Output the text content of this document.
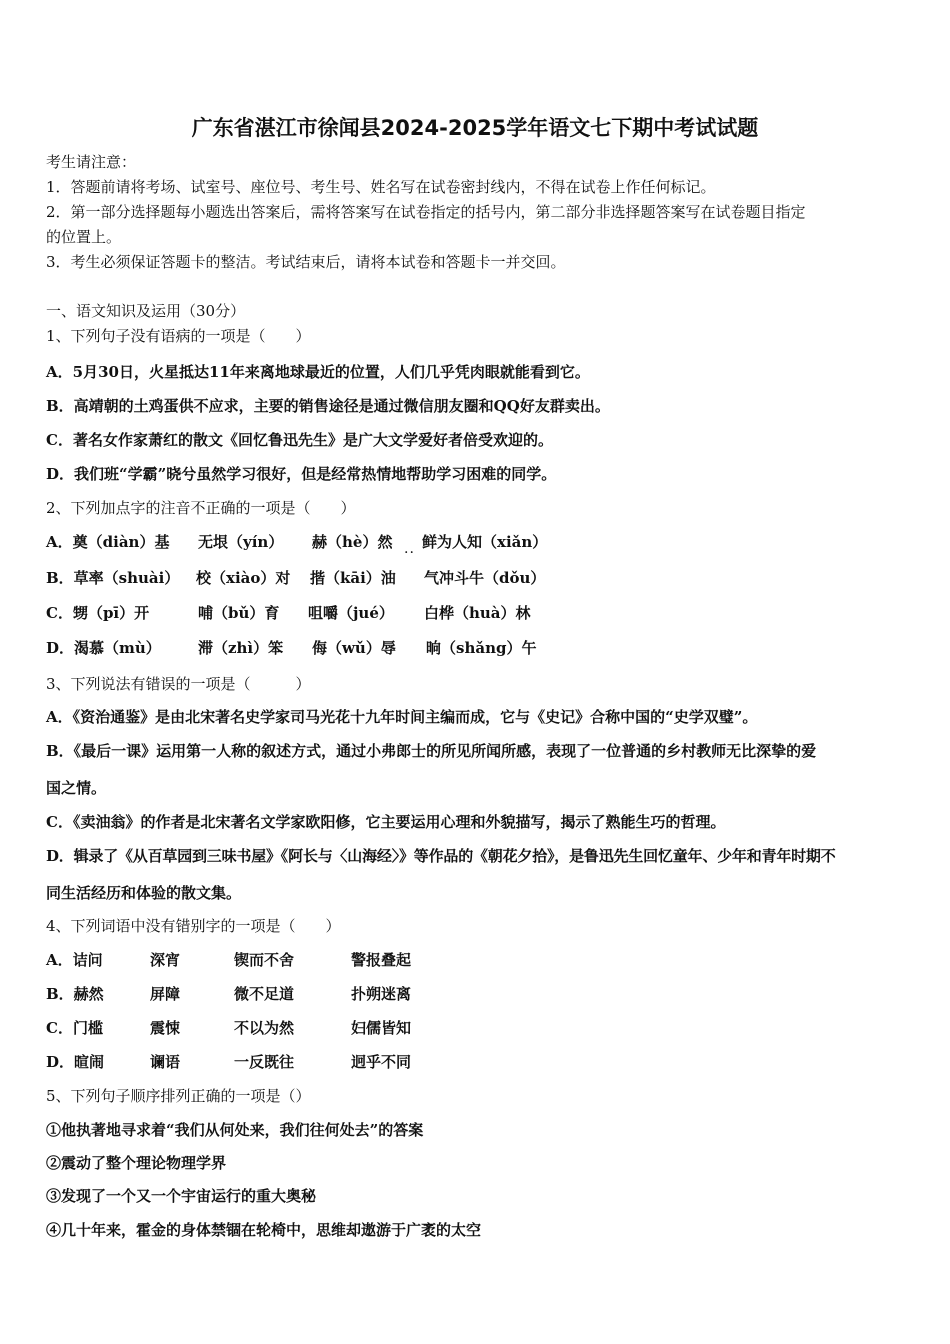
广东省湛江市徐闻县2024-2025学年语文七下期中考试试题
考生请注意：
1．答题前请将考场、试室号、座位号、考生号、姓名写在试卷密封线内，不得在试卷上作任何标记。
2．第一部分选择题每小题选出答案后，需将答案写在试卷指定的括号内，第二部分非选择题答案写在试卷题目指定
的位置上。
3．考生必须保证答题卡的整洁。考试结束后，请将本试卷和答题卡一并交回。
一、语文知识及运用（30分）
1、下列句子没有语病的一项是（　　）
A．5月30日，火星抵达11年来离地球最近的位置，人们几乎凭肉眼就能看到它。
B．高靖朝的土鸡蛋供不应求，主要的销售途径是通过微信朋友圈和QQ好友群卖出。
C．著名女作家萧红的散文《回忆鲁迅先生》是广大文学爱好者倍受欢迎的。
D．我们班“学霸”晓兮虽然学习很好，但是经常热情地帮助学习困难的同学。
2、下列加点字的注音不正确的一项是（　　）
A．奠（diàn）基 无垠（yín） 赫（hè）然 鲜为人知（xiǎn）
..
B．草率（shuài） 校（xiào）对 揩（kāi）油 气冲斗牛（dǒu）
C．甥（pī）开	哺（bǔ）育 咀嚼（jué） 白桦（huà）林
D．渴慕（mù） 滞（zhì）笨 侮（wǔ）辱 晌（shǎng）午
3、下列说法有错误的一项是（　　　）
A．《资治通鉴》是由北宋著名史学家司马光花十九年时间主编而成，它与《史记》合称中国的“史学双璧”。
B．《最后一课》运用第一人称的叙述方式，通过小弗郎士的所见所闻所感，表现了一位普通的乡村教师无比深挚的爱
国之情。
C．《卖油翁》的作者是北宋著名文学家欧阳修，它主要运用心理和外貌描写，揭示了熟能生巧的哲理。
D．辑录了《从百草园到三味书屋》《阿长与〈山海经〉》等作品的《朝花夕拾》，是鲁迅先生回忆童年、少年和青年时期不
同生活经历和体验的散文集。
4、下列词语中没有错别字的一项是（　　）
A．诘问	深宵	锲而不舍	警报叠起
B．赫然	屏障	微不足道	扑朔迷离
C．门槛	震悚	不以为然	妇儒皆知
D．暄闹	谰语	一反既往	迥乎不同
5、下列句子顺序排列正确的一项是（）
①他执著地寻求着“我们从何处来，我们往何处去”的答案
②震动了整个理论物理学界
③发现了一个又一个宇宙运行的重大奥秘
④几十年来，霍金的身体禁锢在轮椅中，思维却遨游于广袤的太空
